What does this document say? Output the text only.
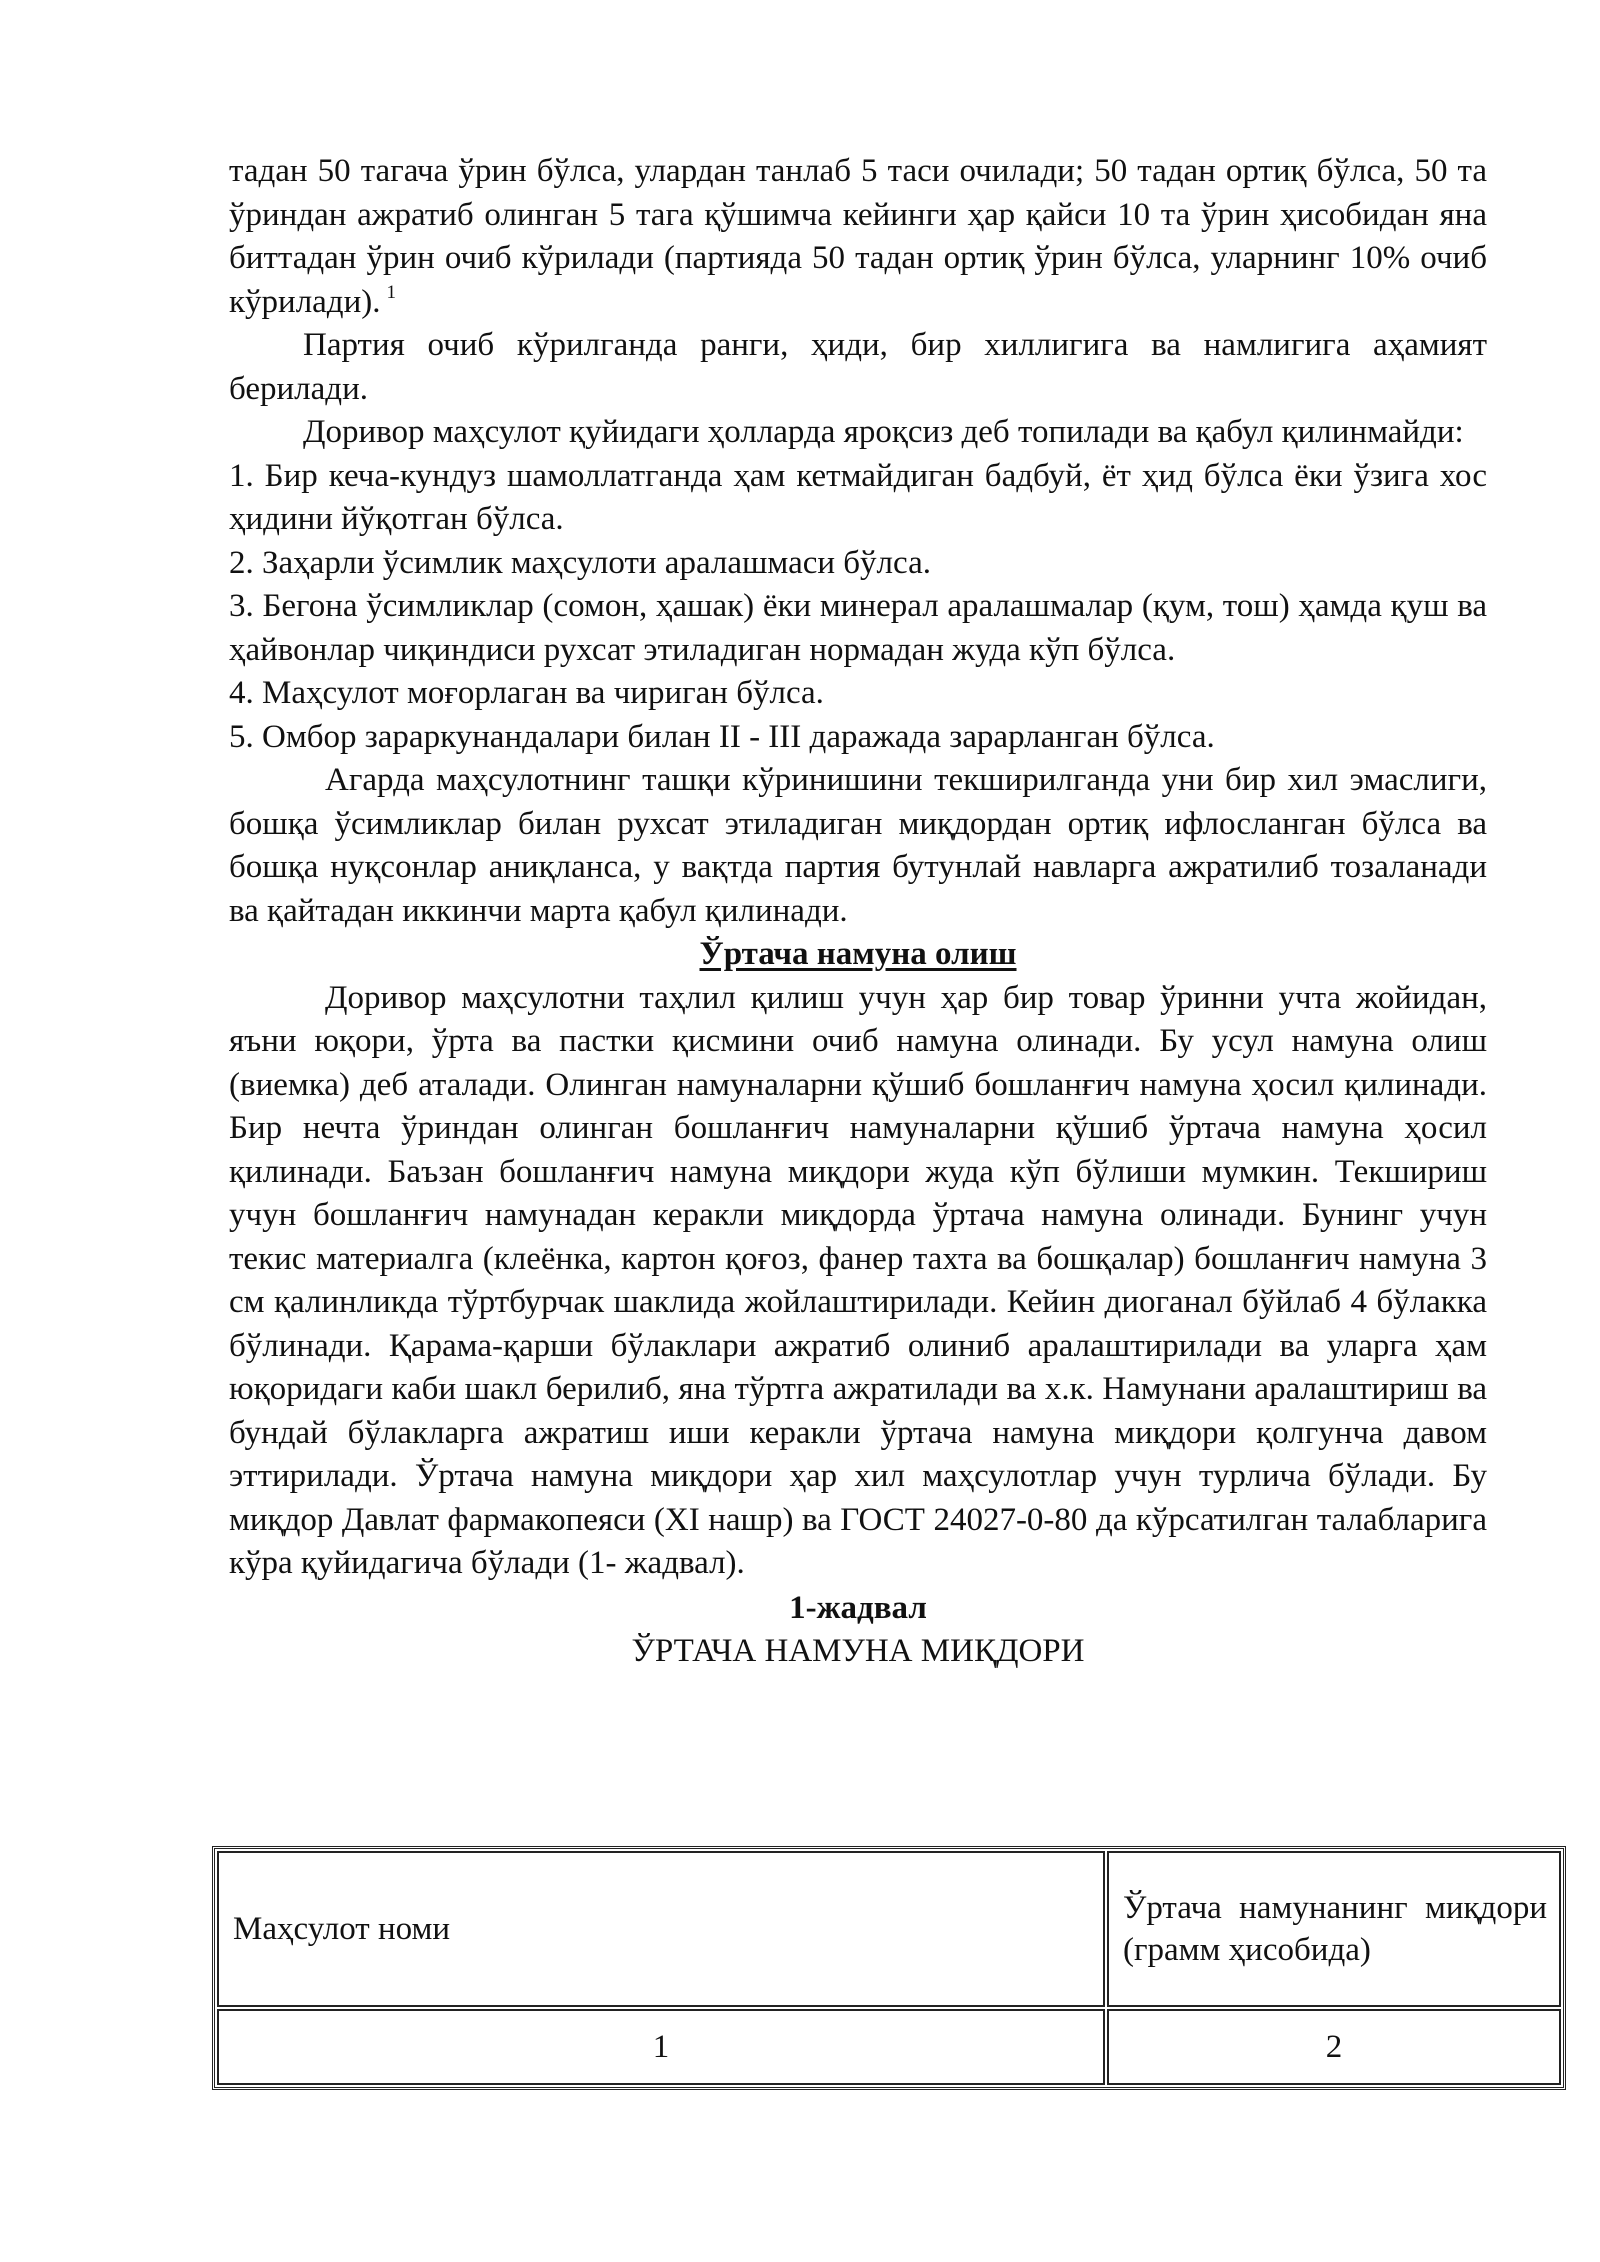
тадан 50 тагача ўрин бўлса, улардан танлаб 5 таси очилади; 50 тадан ортиқ бўлса, 50 та ўриндан ажратиб олинган 5 тага қўшимча кейинги ҳар қайси 10 та ўрин ҳисобидан яна биттадан ўрин очиб кўрилади (партияда 50 тадан ортиқ ўрин бўлса, уларнинг 10% очиб кўрилади). $^1$

Партия очиб кўрилганда ранги, ҳиди, бир хиллигига ва намлигига аҳамият берилади.

Доривор маҳсулот қуйидаги ҳолларда яроқсиз деб топилади ва қабул қилинмайди:

1. Бир кеча-кундуз шамоллатганда ҳам кетмайдиган бадбуй, ёт ҳид бўлса ёки ўзига хос ҳидини йўқотган бўлса.

2. Заҳарли ўсимлик маҳсулоти аралашмаси бўлса.

3. Бегона ўсимликлар (сомон, ҳашак) ёки минерал аралашмалар (қум, тош) ҳамда қуш ва ҳайвонлар чиқиндиси рухсат этиладиган нормадан жуда кўп бўлса.

4. Маҳсулот моғорлаган ва чириган бўлса.

5. Омбор зараркунандалари билан II - III даражада зарарланган бўлса.

Агарда маҳсулотнинг ташқи кўринишини текширилганда уни бир хил эмаслиги, бошқа ўсимликлар билан рухсат этиладиган миқдордан ортиқ ифлосланган бўлса ва бошқа нуқсонлар аниқланса, у вақтда партия бутунлай навларга ажратилиб тозаланади ва қайтадан иккинчи марта қабул қилинади.

Ўртача намуна олиш

Доривор маҳсулотни таҳлил қилиш учун ҳар бир товар ўринни учта жойидан, яъни юқори, ўрта ва пастки қисмини очиб намуна олинади. Бу усул намуна олиш (виемка) деб аталади. Олинган намуналарни қўшиб бошланғич намуна ҳосил қилинади. Бир нечта ўриндан олинган бошланғич намуналарни қўшиб ўртача намуна ҳосил қилинади. Баъзан бошланғич намуна миқдори жуда кўп бўлиши мумкин. Текшириш учун бошланғич намунадан керакли миқдорда ўртача намуна олинади. Бунинг учун текис материалга (клеёнка, картон қоғоз, фанер тахта ва бошқалар) бошланғич намуна 3 см қалинликда тўртбурчак шаклида жойлаштирилади. Кейин диоганал бўйлаб 4 бўлакка бўлинади. Қарама-қарши бўлаклари ажратиб олиниб аралаштирилади ва уларга ҳам юқоридаги каби шакл берилиб, яна тўртга ажратилади ва х.к. Намунани аралаштириш ва бундай бўлакларга ажратиш иши керакли ўртача намуна миқдори қолгунча давом эттирилади. Ўртача намуна миқдори ҳар хил маҳсулотлар учун турлича бўлади. Бу миқдор Давлат фармакопеяси (XI нашр) ва ГОСТ 24027-0-80 да кўрсатилган талабларига кўра қуйидагича бўлади (1- жадвал).

1-жадвал

ЎРТАЧА НАМУНА МИҚДОРИ

Маҳсулот номи	Ўртача намунанинг миқдори (грамм ҳисобида)

1	2
